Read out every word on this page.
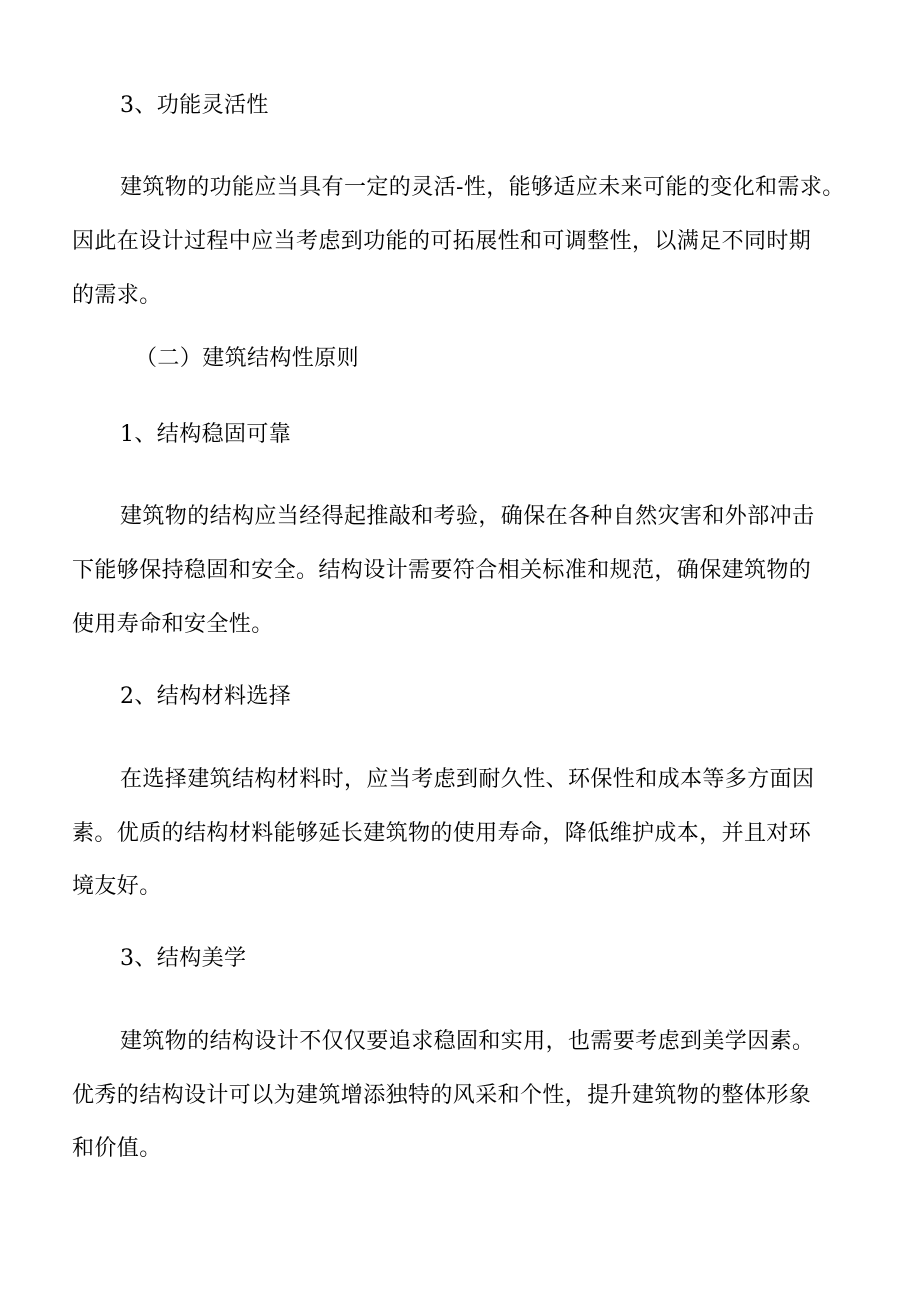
3、功能灵活性
建筑物的功能应当具有一定的灵活-性，能够适应未来可能的变化和需求。
因此在设计过程中应当考虑到功能的可拓展性和可调整性，以满足不同时期
的需求。
（二）建筑结构性原则
1、结构稳固可靠
建筑物的结构应当经得起推敲和考验，确保在各种自然灾害和外部冲击
下能够保持稳固和安全。结构设计需要符合相关标准和规范，确保建筑物的
使用寿命和安全性。
2、结构材料选择
在选择建筑结构材料时，应当考虑到耐久性、环保性和成本等多方面因
素。优质的结构材料能够延长建筑物的使用寿命，降低维护成本，并且对环
境友好。
3、结构美学
建筑物的结构设计不仅仅要追求稳固和实用，也需要考虑到美学因素。
优秀的结构设计可以为建筑增添独特的风采和个性，提升建筑物的整体形象
和价值。
